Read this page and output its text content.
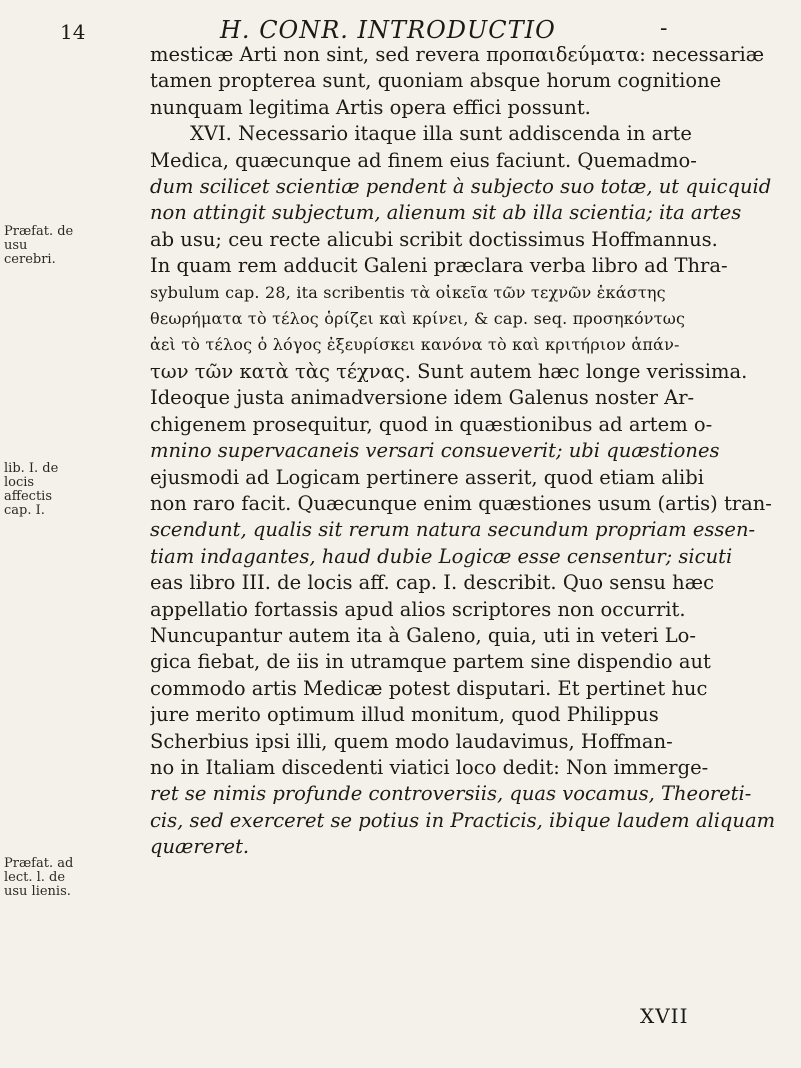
14	H. CONR. INTRODUCTIO	-
Præfat. de usu cerebri.
lib. I. de locis affectis cap. I.
Præfat. ad lect. l. de usu lienis.
mesticæ Arti non sint, sed revera προπαιδεύματα: necessariæ
tamen propterea sunt, quoniam absque horum cognitione
nunquam legitima Artis opera effici possunt.
XVI. Necessario itaque illa sunt addiscenda in arte
Medica, quæcunque ad finem eius faciunt. Quemadmo-
dum scilicet scientiæ pendent à subjecto suo totæ, ut quicquid
non attingit subjectum, alienum sit ab illa scientia; ita artes
ab usu; ceu recte alicubi scribit doctissimus Hoffmannus.
In quam rem adducit Galeni præclara verba libro ad Thra-
sybulum cap. 28, ita scribentis τὰ οἰκεῖα τῶν τεχνῶν ἑκάστης
θεωρήματα τὸ τέλος ὁρίζει καὶ κρίνει, & cap. seq. προσηκόντως
ἀεὶ τὸ τέλος ὁ λόγος ἐξευρίσκει κανόνα τὸ καὶ κριτήριον ἁπάν-
των τῶν κατὰ τὰς τέχνας. Sunt autem hæc longe verissima.
Ideoque justa animadversione idem Galenus noster Ar-
chigenem prosequitur, quod in quæstionibus ad artem o-
mnino supervacaneis versari consueverit; ubi quæstiones
ejusmodi ad Logicam pertinere asserit, quod etiam alibi
non raro facit. Quæcunque enim quæstiones usum (artis) tran-
scendunt, qualis sit rerum natura secundum propriam essen-
tiam indagantes, haud dubie Logicæ esse censentur; sicuti
eas libro III. de locis aff. cap. I. describit. Quo sensu hæc
appellatio fortassis apud alios scriptores non occurrit.
Nuncupantur autem ita à Galeno, quia, uti in veteri Lo-
gica fiebat, de iis in utramque partem sine dispendio aut
commodo artis Medicæ potest disputari. Et pertinet huc
jure merito optimum illud monitum, quod Philippus
Scherbius ipsi illi, quem modo laudavimus, Hoffman-
no in Italiam discedenti viatici loco dedit: Non immerge-
ret se nimis profunde controversiis, quas vocamus, Theoreti-
cis, sed exerceret se potius in Practicis, ibique laudem aliquam
quæreret.
XVII
